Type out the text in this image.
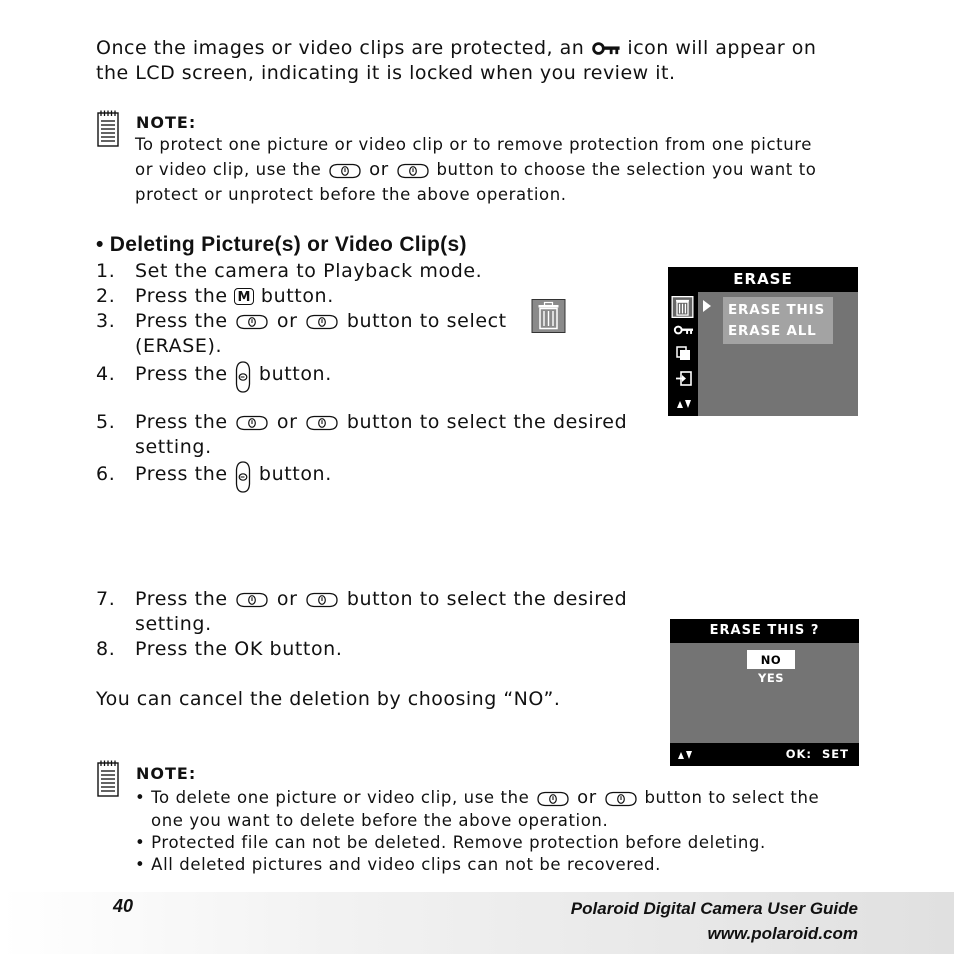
Once the images or video clips are protected, an icon will appear on
the LCD screen, indicating it is locked when you review it.
NOTE:
To protect one picture or video clip or to remove protection from one picture
or video clip, use the	or	button to choose the selection you want to
protect or unprotect before the above operation.
• Deleting Picture(s) or Video Clip(s)
1. Set the camera to Playback mode.
2. Press the M button.
3. Press the	or	button to select
(ERASE).
4. Press the button.
5. Press the	or	button to select the desired
setting.
6. Press the button.
7. Press the	or	button to select the desired
setting.
8. Press the OK button.
You can cancel the deletion by choosing “NO”.
ERASE
ERASE THIS
ERASE ALL
ERASE THIS ?
NO
YES
OK:  SET
NOTE:
• To delete one picture or video clip, use the	or	button to select the
one you want to delete before the above operation.
• Protected file can not be deleted. Remove protection before deleting.
• All deleted pictures and video clips can not be recovered.
40	Polaroid Digital Camera User Guide
www.polaroid.com
